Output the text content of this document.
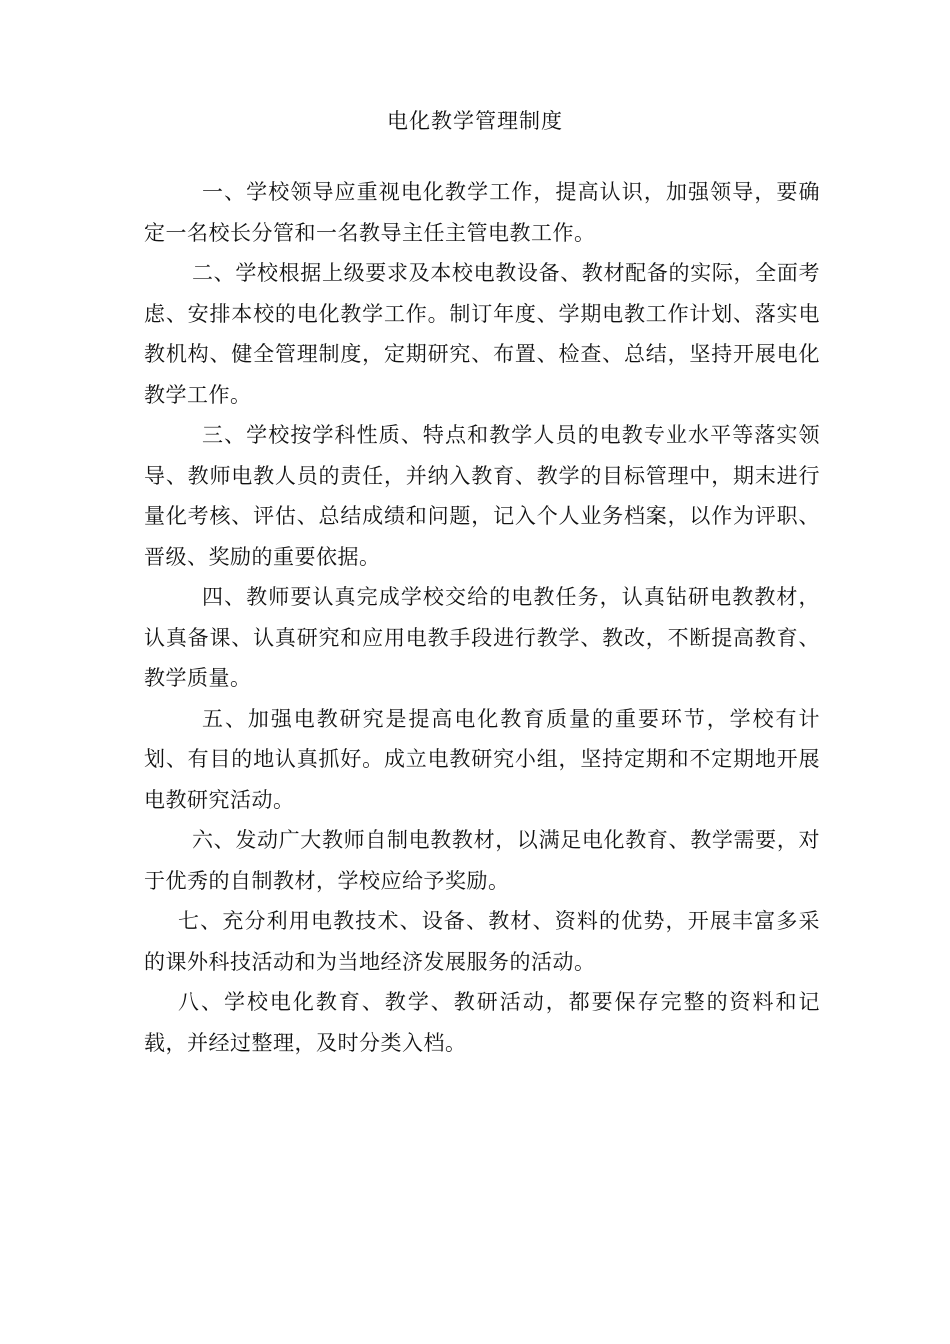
电化教学管理制度

一、学校领导应重视电化教学工作，提高认识，加强领导，要确定一名校长分管和一名教导主任主管电教工作。

二、学校根据上级要求及本校电教设备、教材配备的实际，全面考虑、安排本校的电化教学工作。制订年度、学期电教工作计划、落实电教机构、健全管理制度，定期研究、布置、检查、总结，坚持开展电化教学工作。

三、学校按学科性质、特点和教学人员的电教专业水平等落实领导、教师电教人员的责任，并纳入教育、教学的目标管理中，期末进行量化考核、评估、总结成绩和问题，记入个人业务档案，以作为评职、晋级、奖励的重要依据。

四、教师要认真完成学校交给的电教任务，认真钻研电教教材，认真备课、认真研究和应用电教手段进行教学、教改，不断提高教育、教学质量。

五、加强电教研究是提高电化教育质量的重要环节，学校有计划、有目的地认真抓好。成立电教研究小组，坚持定期和不定期地开展电教研究活动。

六、发动广大教师自制电教教材，以满足电化教育、教学需要，对于优秀的自制教材，学校应给予奖励。

七、充分利用电教技术、设备、教材、资料的优势，开展丰富多采的课外科技活动和为当地经济发展服务的活动。

八、学校电化教育、教学、教研活动，都要保存完整的资料和记载，并经过整理，及时分类入档。
